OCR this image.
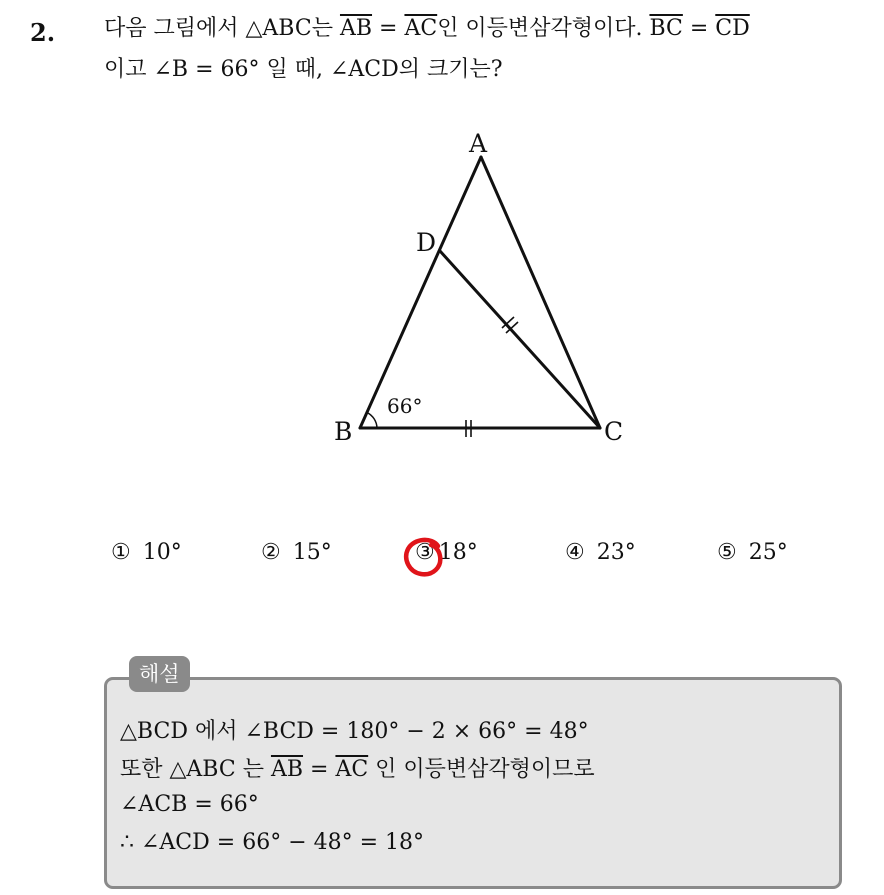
2. 다음 그림에서 △ABC는 $\overline{AB} = \overline{AC}$인 이등변삼각형이다. $\overline{BC} = \overline{CD}$
이고 ∠B = 66° 일 때, ∠ACD의 크기는?
A
D
B	C
66°
① 10°	② 15°	③ 18°	④ 23°	⑤ 25°
해설
△BCD 에서 ∠BCD = 180° − 2 × 66° = 48°
또한 △ABC 는 $\overline{AB} = \overline{AC}$ 인 이등변삼각형이므로
∠ACB = 66°
∴ ∠ACD = 66° − 48° = 18°
